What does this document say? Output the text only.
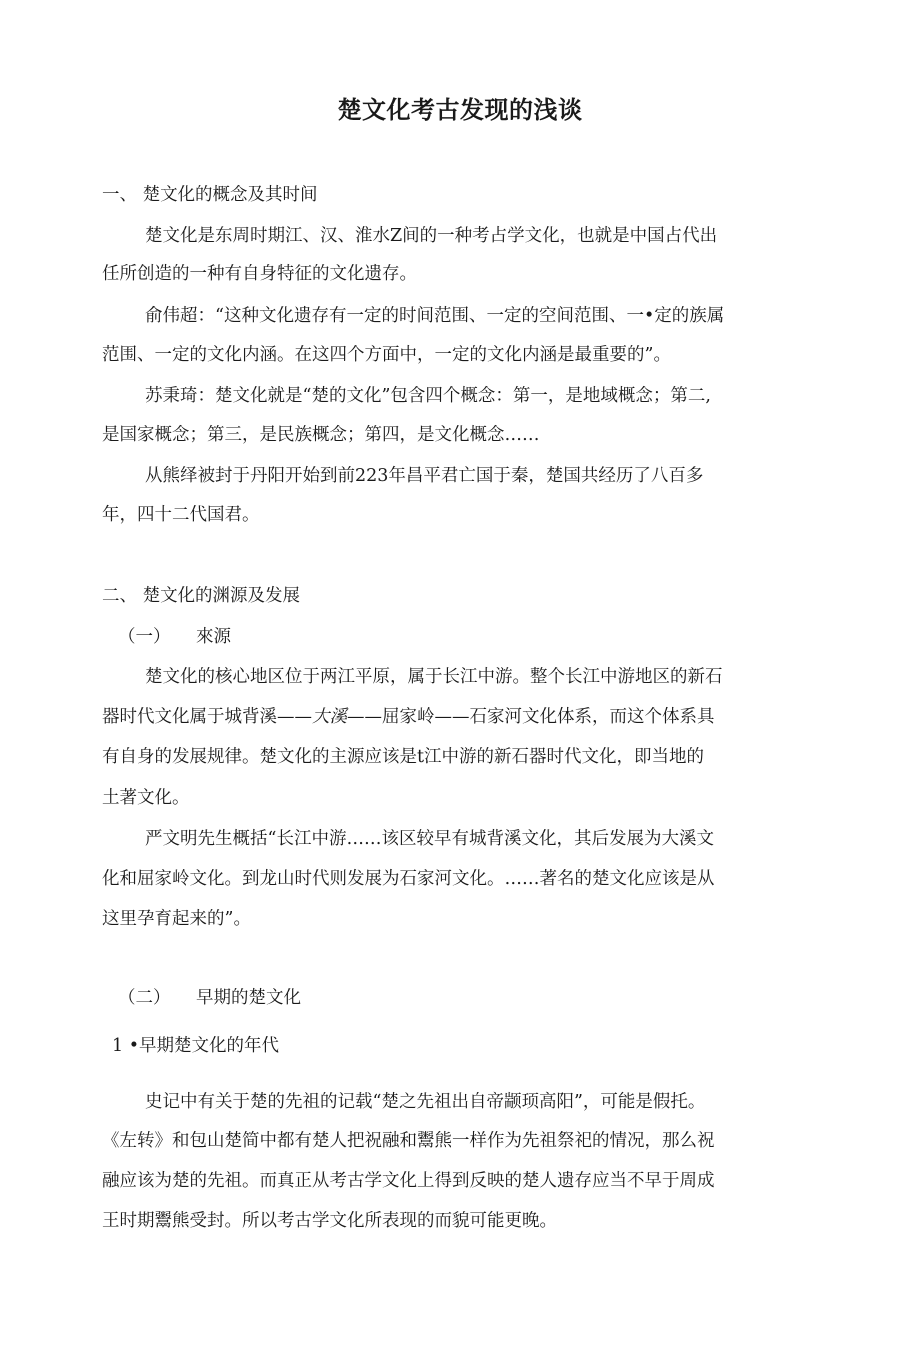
楚文化考古发现的浅谈
一、 楚文化的概念及其时间
楚文化是东周时期江、汉、淮水Z间的一种考占学文化，也就是中国占代出
任所创造的一种有自身特征的文化遗存。
俞伟超：“这种文化遗存有一定的时间范围、一定的空间范围、一•定的族属
范围、一定的文化内涵。在这四个方面中，一定的文化内涵是最重要的”。
苏秉琦：楚文化就是“楚的文化”包含四个概念：第一，是地域概念；第二,
是国家概念；第三，是民族概念；第四，是文化概念……
从熊绎被封于丹阳开始到前223年昌平君亡国于秦，楚国共经历了八百多
年，四十二代国君。
二、 楚文化的渊源及发展
（一） 來源
楚文化的核心地区位于两江平原，属于长江中游。整个长江中游地区的新石
器时代文化属于城背溪——大溪——屈家岭——石家河文化体系，而这个体系具
有自身的发展规律。楚文化的主源应该是t江中游的新石器时代文化，即当地的
土著文化。
严文明先生概括“长江中游……该区较早有城背溪文化，其后发展为大溪文
化和屈家岭文化。到龙山时代则发展为石家河文化。……著名的楚文化应该是从
这里孕育起来的”。
（二） 早期的楚文化
1 •早期楚文化的年代
史记中有关于楚的先祖的记载“楚之先祖出自帝颛顼高阳”，可能是假托。
《左转》和包山楚简中都有楚人把祝融和鬻熊一样作为先祖祭祀的情况，那么祝
融应该为楚的先祖。而真正从考古学文化上得到反映的楚人遗存应当不早于周成
王时期鬻熊受封。所以考古学文化所表现的而貌可能更晚。
